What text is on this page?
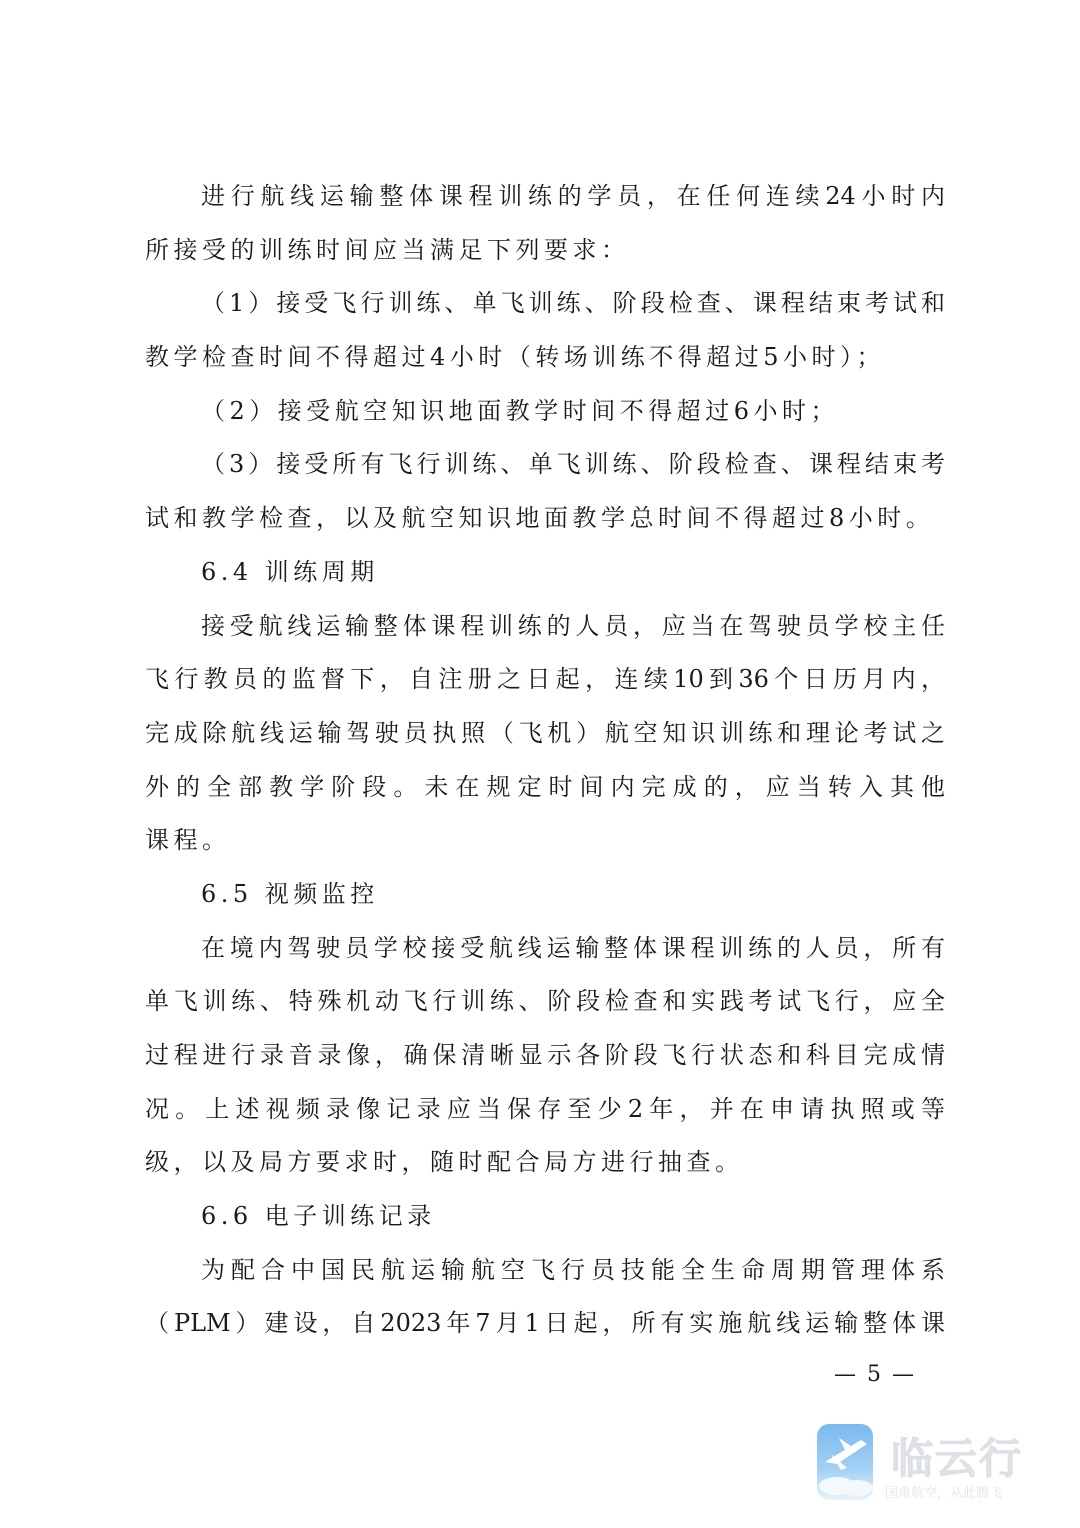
进行航线运输整体课程训练的学员，在任何连续24小时内
所接受的训练时间应当满足下列要求：
（1）接受飞行训练、单飞训练、阶段检查、课程结束考试和
教学检查时间不得超过4小时（转场训练不得超过5小时）；
（2）接受航空知识地面教学时间不得超过6小时；
（3）接受所有飞行训练、单飞训练、阶段检查、课程结束考
试和教学检查，以及航空知识地面教学总时间不得超过8小时。
6.4 训练周期
接受航线运输整体课程训练的人员，应当在驾驶员学校主任
飞行教员的监督下，自注册之日起，连续10到36个日历月内，
完成除航线运输驾驶员执照（飞机）航空知识训练和理论考试之
外的全部教学阶段。未在规定时间内完成的，应当转入其他
课程。
6.5 视频监控
在境内驾驶员学校接受航线运输整体课程训练的人员，所有
单飞训练、特殊机动飞行训练、阶段检查和实践考试飞行，应全
过程进行录音录像，确保清晰显示各阶段飞行状态和科目完成情
况。上述视频录像记录应当保存至少2年，并在申请执照或等
级，以及局方要求时，随时配合局方进行抽查。
6.6 电子训练记录
为配合中国民航运输航空飞行员技能全生命周期管理体系
（PLM）建设，自2023年7月1日起，所有实施航线运输整体课
— 5 —
临云行
国角航空，从此腾飞
